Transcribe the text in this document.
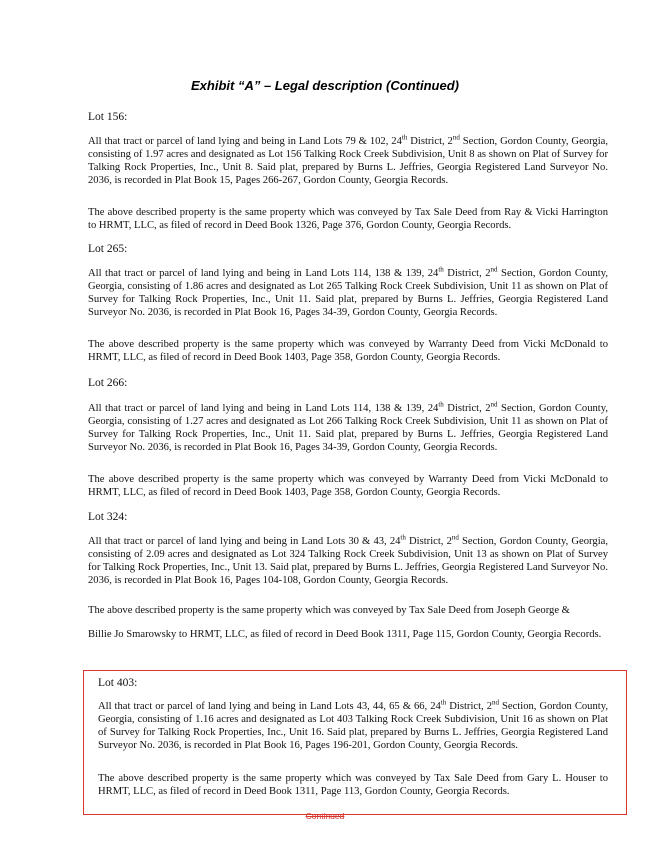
Exhibit “A” – Legal description (Continued)
Lot 156:
All that tract or parcel of land lying and being in Land Lots 79 & 102, 24th District, 2nd Section, Gordon County, Georgia, consisting of 1.97 acres and designated as Lot 156 Talking Rock Creek Subdivision, Unit 8 as shown on Plat of Survey for Talking Rock Properties, Inc., Unit 8. Said plat, prepared by Burns L. Jeffries, Georgia Registered Land Surveyor No. 2036, is recorded in Plat Book 15, Pages 266-267, Gordon County, Georgia Records.
The above described property is the same property which was conveyed by Tax Sale Deed from Ray & Vicki Harrington to HRMT, LLC, as filed of record in Deed Book 1326, Page 376, Gordon County, Georgia Records.
Lot 265:
All that tract or parcel of land lying and being in Land Lots 114, 138 & 139, 24th District, 2nd Section, Gordon County, Georgia, consisting of 1.86 acres and designated as Lot 265 Talking Rock Creek Subdivision, Unit 11 as shown on Plat of Survey for Talking Rock Properties, Inc., Unit 11. Said plat, prepared by Burns L. Jeffries, Georgia Registered Land Surveyor No. 2036, is recorded in Plat Book 16, Pages 34-39, Gordon County, Georgia Records.
The above described property is the same property which was conveyed by Warranty Deed from Vicki McDonald to HRMT, LLC, as filed of record in Deed Book 1403, Page 358, Gordon County, Georgia Records.
Lot 266:
All that tract or parcel of land lying and being in Land Lots 114, 138 & 139, 24th District, 2nd Section, Gordon County, Georgia, consisting of 1.27 acres and designated as Lot 266 Talking Rock Creek Subdivision, Unit 11 as shown on Plat of Survey for Talking Rock Properties, Inc., Unit 11. Said plat, prepared by Burns L. Jeffries, Georgia Registered Land Surveyor No. 2036, is recorded in Plat Book 16, Pages 34-39, Gordon County, Georgia Records.
The above described property is the same property which was conveyed by Warranty Deed from Vicki McDonald to HRMT, LLC, as filed of record in Deed Book 1403, Page 358, Gordon County, Georgia Records.
Lot 324:
All that tract or parcel of land lying and being in Land Lots 30 & 43, 24th District, 2nd Section, Gordon County, Georgia, consisting of 2.09 acres and designated as Lot 324 Talking Rock Creek Subdivision, Unit 13 as shown on Plat of Survey for Talking Rock Properties, Inc., Unit 13. Said plat, prepared by Burns L. Jeffries, Georgia Registered Land Surveyor No. 2036, is recorded in Plat Book 16, Pages 104-108, Gordon County, Georgia Records.
The above described property is the same property which was conveyed by Tax Sale Deed from Joseph George &
Billie Jo Smarowsky to HRMT, LLC, as filed of record in Deed Book 1311, Page 115, Gordon County, Georgia Records.
Lot 403:
All that tract or parcel of land lying and being in Land Lots 43, 44, 65 & 66, 24th District, 2nd Section, Gordon County, Georgia, consisting of 1.16 acres and designated as Lot 403 Talking Rock Creek Subdivision, Unit 16 as shown on Plat of Survey for Talking Rock Properties, Inc., Unit 16. Said plat, prepared by Burns L. Jeffries, Georgia Registered Land Surveyor No. 2036, is recorded in Plat Book 16, Pages 196-201, Gordon County, Georgia Records.
The above described property is the same property which was conveyed by Tax Sale Deed from Gary L. Houser to HRMT, LLC, as filed of record in Deed Book 1311, Page 113, Gordon County, Georgia Records.
Continued
